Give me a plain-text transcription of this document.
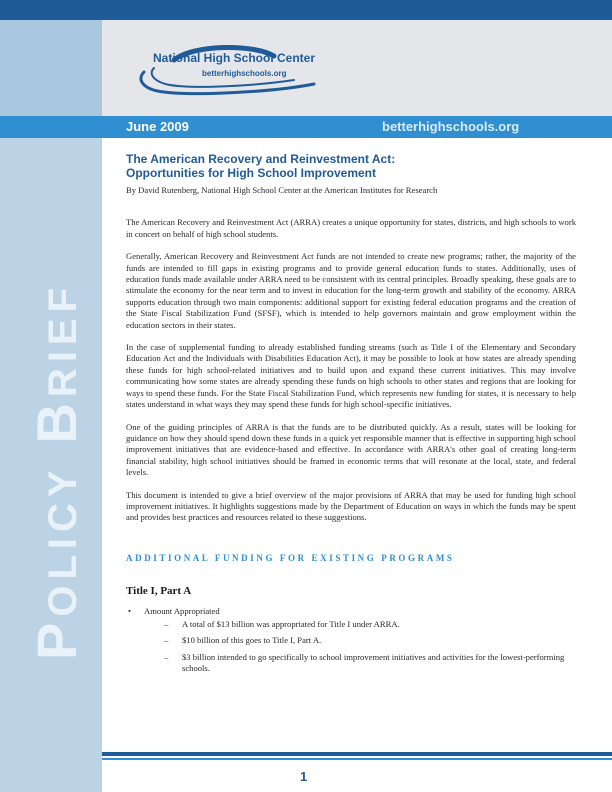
POLICY  BRIEF
National High School Center
betterhighschools.org
June 2009	betterhighschools.org
The American Recovery and Reinvestment Act:
Opportunities for High School Improvement

By David Rutenberg, National High School Center at the American Institutes for Research

The American Recovery and Reinvestment Act (ARRA) creates a unique opportunity for states, districts, and high schools to work in concert on behalf of high school students.

Generally, American Recovery and Reinvestment Act funds are not intended to create new programs; rather, the majority of the funds are intended to fill gaps in existing programs and to provide general education funds to states. Additionally, uses of education funds made available under ARRA need to be consistent with its central principles. Broadly speaking, these goals are to stimulate the economy for the near term and to invest in education for the long-term growth and stability of the economy. ARRA supports education through two main components: additional support for existing federal education programs and the creation of the State Fiscal Stabilization Fund (SFSF), which is intended to help governors maintain and grow employment within the education sectors in their states.

In the case of supplemental funding to already established funding streams (such as Title I of the Elementary and Secondary Education Act and the Individuals with Disabilities Education Act), it may be possible to look at how states are already spending these funds for high school-related initiatives and to build upon and expand these current initiatives. This may involve communicating how some states are already spending these funds on high schools to other states and regions that are looking for ways to spend these funds. For the State Fiscal Stabilization Fund, which represents new funding for states, it is necessary to help states understand in what ways they may spend these funds for high school-specific initiatives.

One of the guiding principles of ARRA is that the funds are to be distributed quickly. As a result, states will be looking for guidance on how they should spend down these funds in a quick yet responsible manner that is effective in supporting high school improvement initiatives that are evidence-based and effective. In accordance with ARRA's other goal of creating long-term financial stability, high school initiatives should be framed in economic terms that will resonate at the local, state, and federal levels.

This document is intended to give a brief overview of the major provisions of ARRA that may be used for funding high school improvement initiatives. It highlights suggestions made by the Department of Education on ways in which the funds may be spent and provides best practices and resources related to these suggestions.

ADDITIONAL FUNDING FOR EXISTING PROGRAMS
Title I, Part A
• Amount Appropriated
– A total of $13 billion was appropriated for Title I under ARRA.
– $10 billion of this goes to Title I, Part A.
– $3 billion intended to go specifically to school improvement initiatives and activities for the lowest-performing schools.
1
